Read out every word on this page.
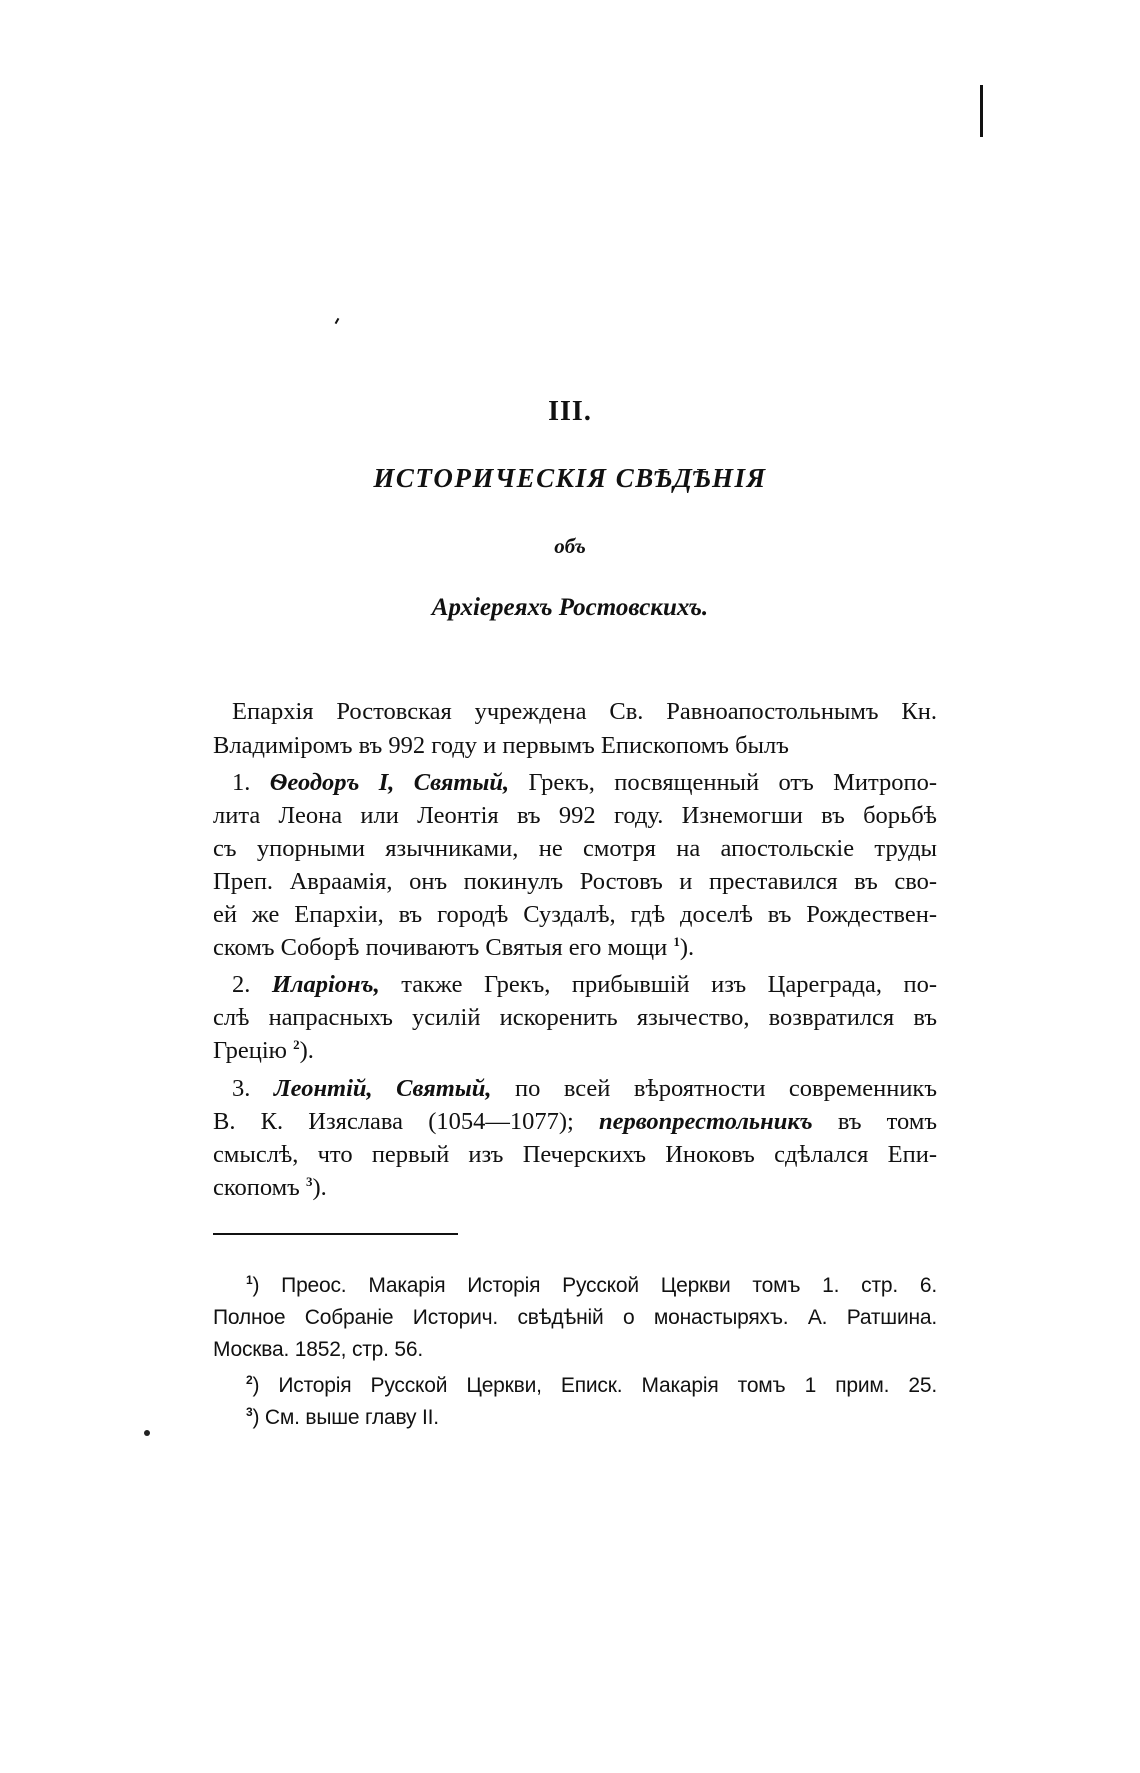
III.
ИСТОРИЧЕСКІЯ СВѢДѢНІЯ
объ
Архіереяхъ Ростовскихъ.
Епархія Ростовская учреждена Св. Равноапостольнымъ Кн.
Владиміромъ въ 992 году и первымъ Епископомъ былъ
1. Ѳеодоръ I, Святый, Грекъ, посвященный отъ Митропо-
лита Леона или Леонтія въ 992 году. Изнемогши въ борьбѣ
съ упорными язычниками, не смотря на апостольскіе труды
Преп. Авраамія, онъ покинулъ Ростовъ и преставился въ сво-
ей же Епархіи, въ городѣ Суздалѣ, гдѣ доселѣ въ Рождествен-
скомъ Соборѣ почиваютъ Святыя его мощи $^1$).
2. Иларіонъ, также Грекъ, прибывшій изъ Цареграда, по-
слѣ напрасныхъ усилій искоренить язычество, возвратился въ
Грецію $^2$).
3. Леонтій, Святый, по всей вѣроятности современникъ
В. К. Изяслава (1054—1077); первопрестольникъ въ томъ
смыслѣ, что первый изъ Печерскихъ Иноковъ сдѣлался Епи-
скопомъ $^3$).
$^1$) Преос. Макарія Исторія Русской Церкви томъ 1. стр. 6.
Полное Собраніе Историч. свѣдѣній о монастыряхъ. А. Ратшина.
Москва. 1852, стр. 56.
$^2$) Исторія Русской Церкви, Еписк. Макарія томъ 1 прим. 25.
$^3$) См. выше главу II.
